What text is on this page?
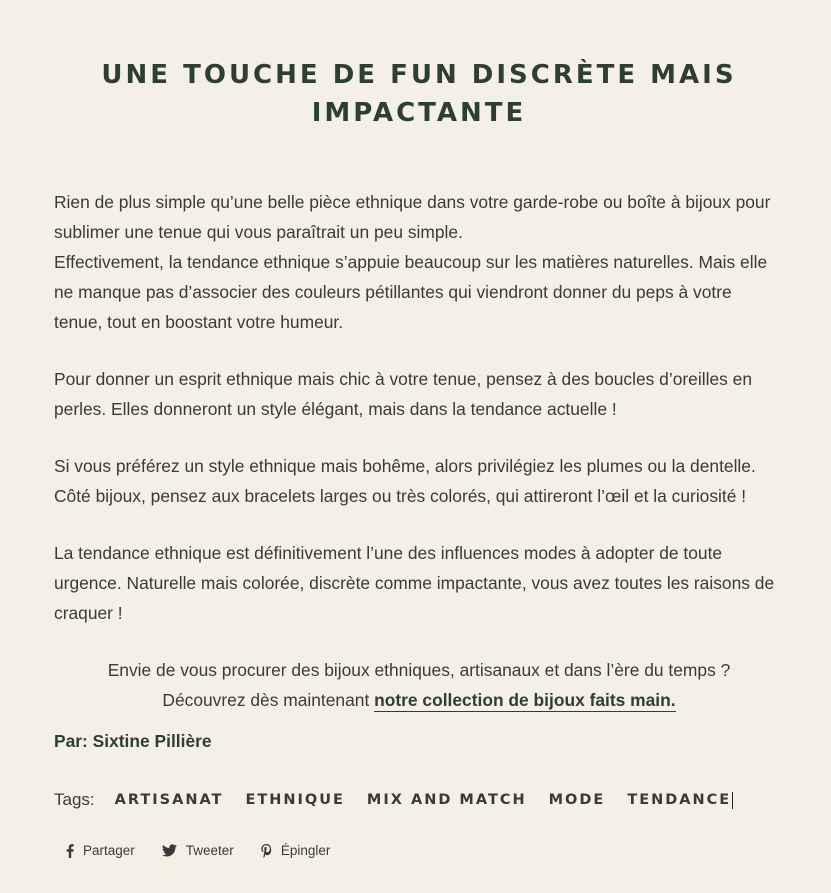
UNE TOUCHE DE FUN DISCRÈTE MAIS IMPACTANTE

Rien de plus simple qu’une belle pièce ethnique dans votre garde-robe ou boîte à bijoux pour sublimer une tenue qui vous paraîtrait un peu simple.
Effectivement, la tendance ethnique s’appuie beaucoup sur les matières naturelles. Mais elle ne manque pas d’associer des couleurs pétillantes qui viendront donner du peps à votre tenue, tout en boostant votre humeur.

Pour donner un esprit ethnique mais chic à votre tenue, pensez à des boucles d’oreilles en perles. Elles donneront un style élégant, mais dans la tendance actuelle !

Si vous préférez un style ethnique mais bohême, alors privilégiez les plumes ou la dentelle. Côté bijoux, pensez aux bracelets larges ou très colorés, qui attireront l’œil et la curiosité !

La tendance ethnique est définitivement l’une des influences modes à adopter de toute urgence. Naturelle mais colorée, discrète comme impactante, vous avez toutes les raisons de craquer !

Envie de vous procurer des bijoux ethniques, artisanaux et dans l’ère du temps ?
Découvrez dès maintenant notre collection de bijoux faits main.
Par: Sixtine Pillière
Tags: ARTISANAT ETHNIQUE MIX AND MATCH MODE TENDANCE
Partager	Tweeter	Épingler
